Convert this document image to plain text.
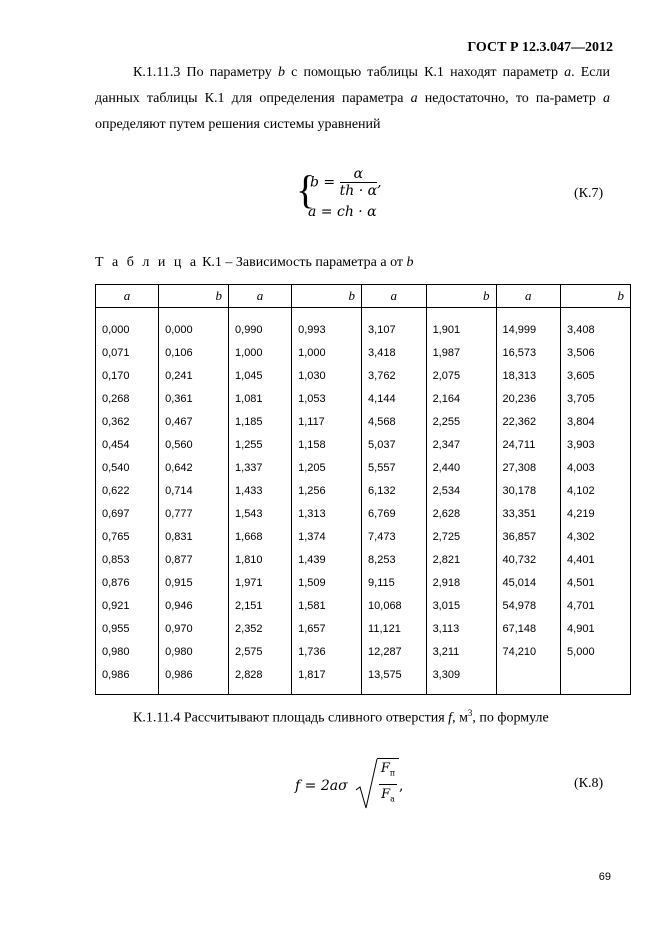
ГОСТ Р 12.3.047—2012

К.1.11.3 По параметру b с помощью таблицы К.1 находят параметр a. Если данных таблицы К.1 для определения параметра a недостаточно, то па-раметр a определяют путем решения системы уравнений

{
$b = \frac{\alpha}{th \cdot \alpha}$ ,
a = ch · α
(К.7)
Т а б л и ц а К.1 – Зависимость параметра а от b
a	b	a	b	a	b	a	b
0,000	0,000	0,990	0,993	3,107	1,901	14,999	3,408
0,071	0,106	1,000	1,000	3,418	1,987	16,573	3,506
0,170	0,241	1,045	1,030	3,762	2,075	18,313	3,605
0,268	0,361	1,081	1,053	4,144	2,164	20,236	3,705
0,362	0,467	1,185	1,117	4,568	2,255	22,362	3,804
0,454	0,560	1,255	1,158	5,037	2,347	24,711	3,903
0,540	0,642	1,337	1,205	5,557	2,440	27,308	4,003
0,622	0,714	1,433	1,256	6,132	2,534	30,178	4,102
0,697	0,777	1,543	1,313	6,769	2,628	33,351	4,219
0,765	0,831	1,668	1,374	7,473	2,725	36,857	4,302
0,853	0,877	1,810	1,439	8,253	2,821	40,732	4,401
0,876	0,915	1,971	1,509	9,115	2,918	45,014	4,501
0,921	0,946	2,151	1,581	10,068	3,015	54,978	4,701
0,955	0,970	2,352	1,657	11,121	3,113	67,148	4,901
0,980	0,980	2,575	1,736	12,287	3,211	74,210	5,000
0,986	0,986	2,828	1,817	13,575	3,309		

К.1.11.4 Рассчитывают площадь сливного отверстия f, $м^3$, по формуле

f = 2aσ
$F_п$
$F_а$
,	(К.8)
69
